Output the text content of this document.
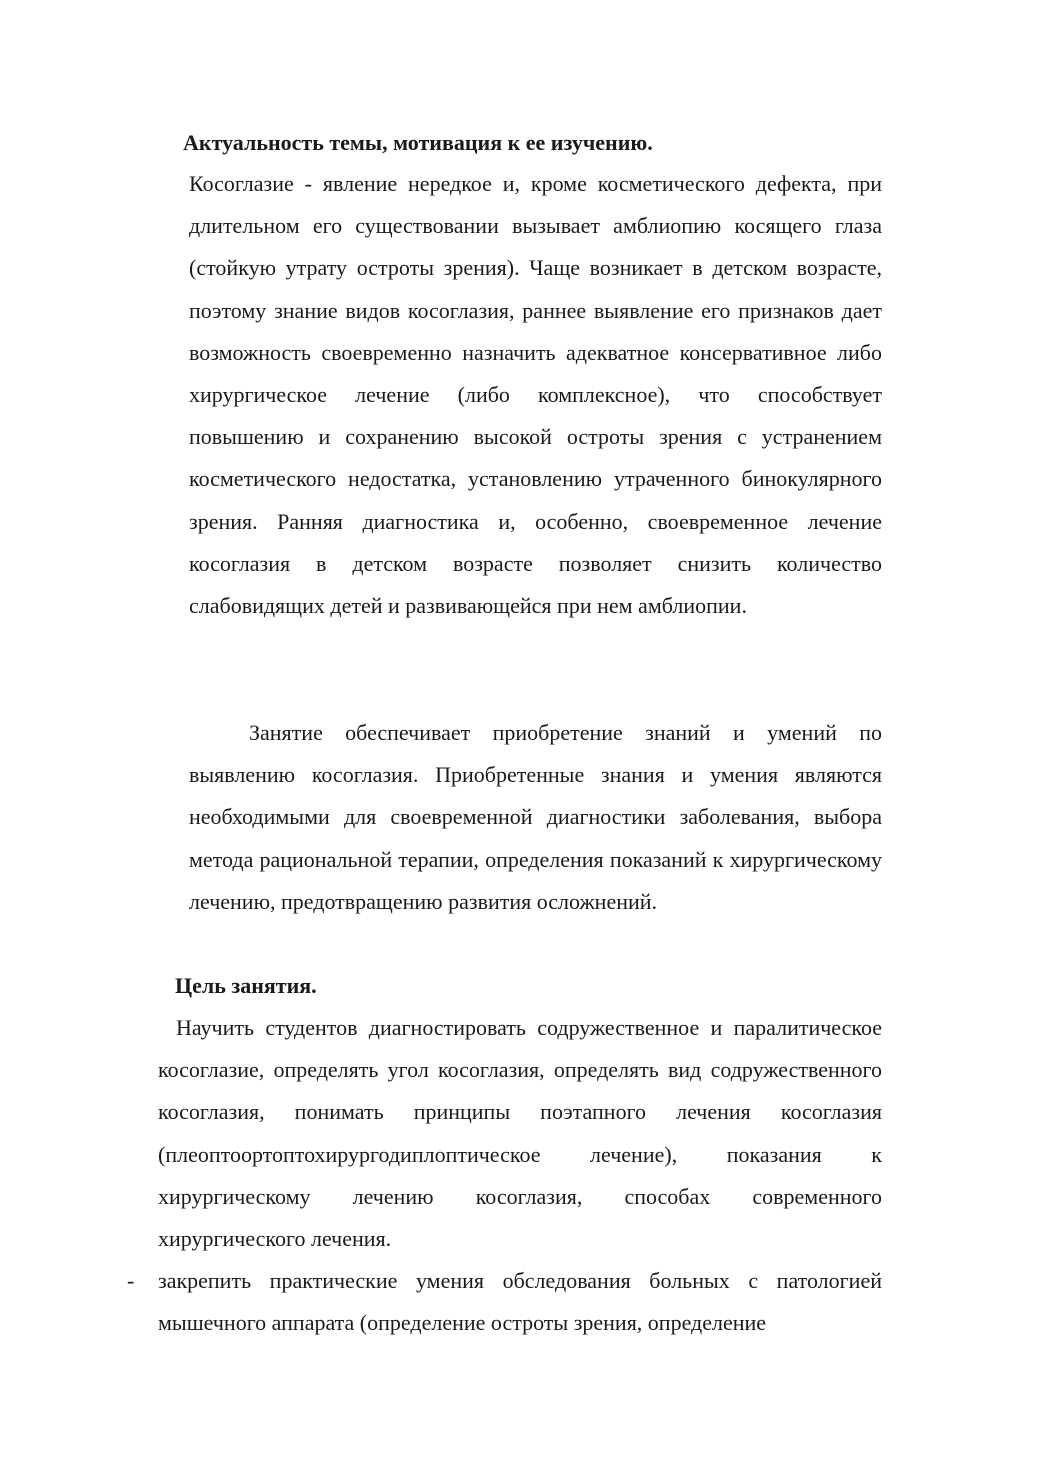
Актуальность темы, мотивация к ее изучению.
Косоглазие - явление нередкое и, кроме косметического дефекта, при длительном его существовании вызывает амблиопию косящего глаза (стойкую утрату остроты зрения). Чаще возникает в детском возрасте, поэтому знание видов косоглазия, раннее выявление его признаков дает возможность своевременно назначить адекватное консервативное либо хирургическое лечение (либо комплексное), что способствует повышению и сохранению высокой остроты зрения с устранением косметического недостатка, установлению утраченного бинокулярного зрения. Ранняя диагностика и, особенно, своевременное лечение косоглазия в детском возрасте позволяет снизить количество слабовидящих детей и развивающейся при нем амблиопии.
Занятие обеспечивает приобретение знаний и умений по выявлению косоглазия. Приобретенные знания и умения являются необходимыми для своевременной диагностики заболевания, выбора метода рациональной терапии, определения показаний к хирургическому лечению, предотвращению развития осложнений.
Цель занятия.
Научить студентов диагностировать содружественное и паралитическое косоглазие, определять угол косоглазия, определять вид содружественного косоглазия, понимать принципы поэтапного лечения косоглазия (плеоптоортоптохирургодиплоптическое лечение), показания к хирургическому лечению косоглазия, способах современного хирургического лечения.
- закрепить практические умения обследования больных с патологией мышечного аппарата (определение остроты зрения, определение
